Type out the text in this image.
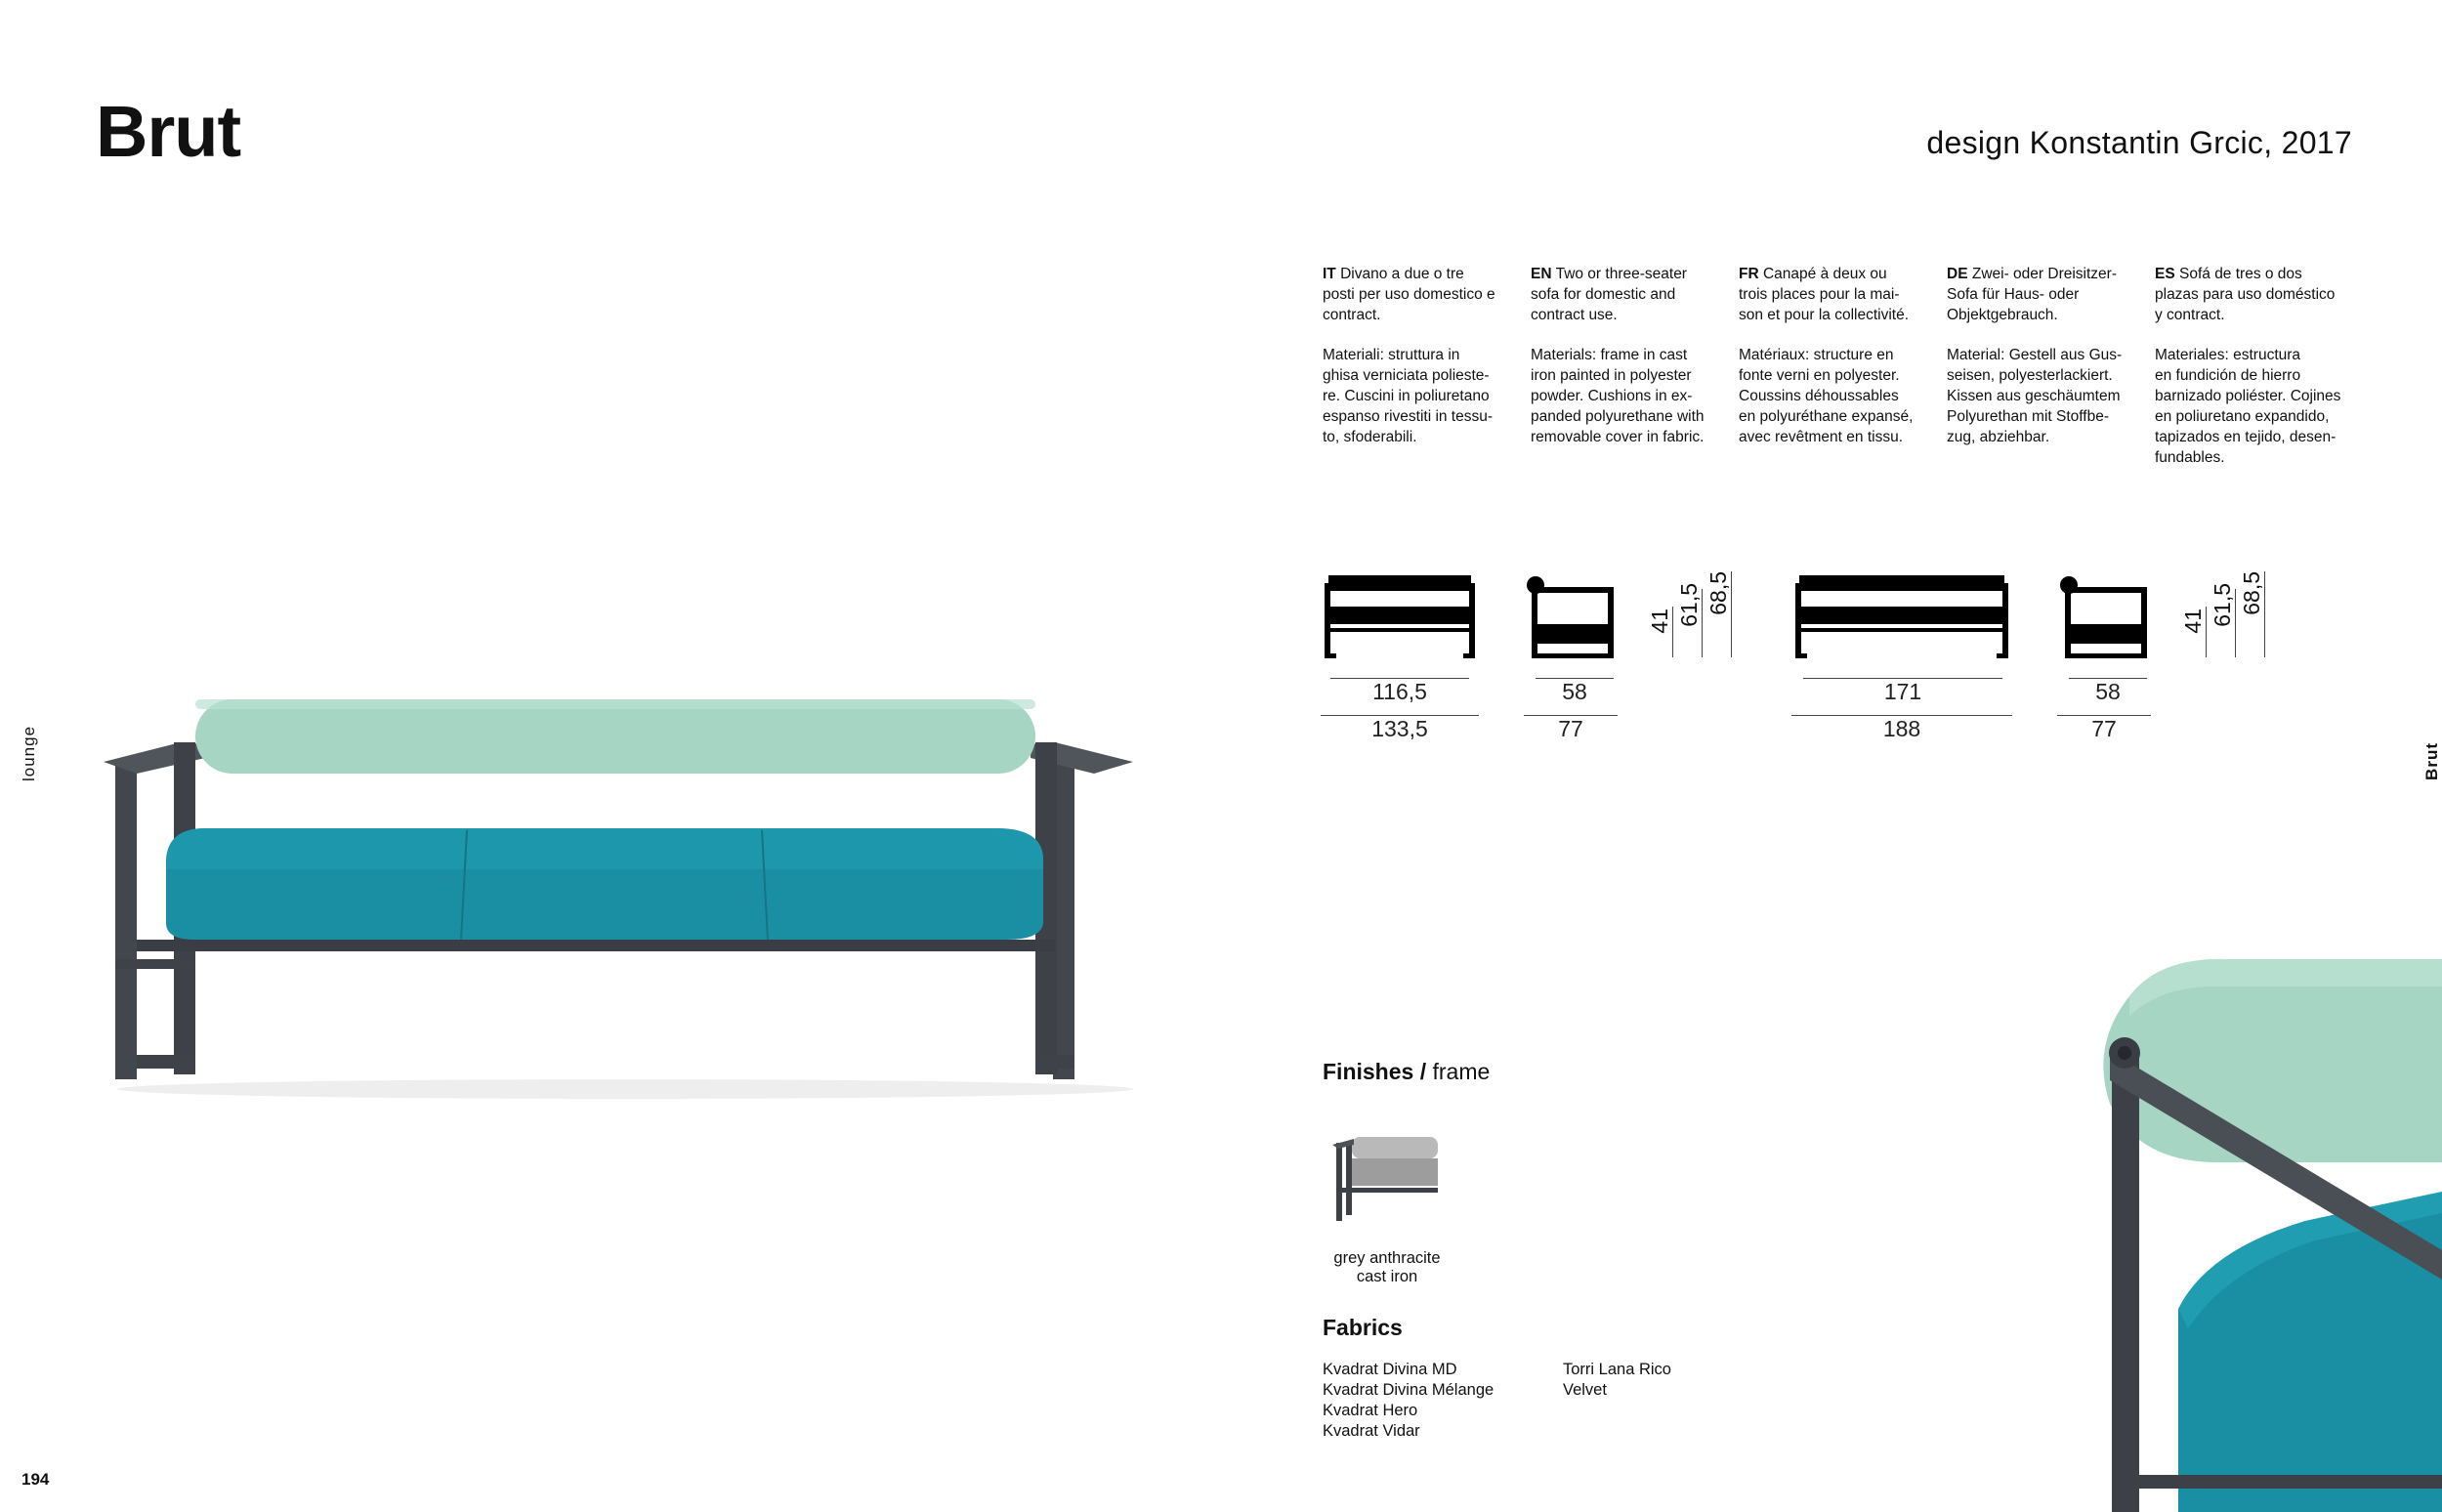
Brut	design Konstantin Grcic, 2017
lounge	Brut
194

IT Divano a due o tre
posti per uso domestico e
contract.

Materiali: struttura in
ghisa verniciata polieste-
re. Cuscini in poliuretano
espanso rivestiti in tessu-
to, sfoderabili.

EN Two or three-seater
sofa for domestic and
contract use.

Materials: frame in cast
iron painted in polyester
powder. Cushions in ex-
panded polyurethane with
removable cover in fabric.

FR Canapé à deux ou
trois places pour la mai-
son et pour la collectivité.

Matériaux: structure en
fonte verni en polyester.
Coussins déhoussables
en polyuréthane expansé,
avec revêtment en tissu.

DE Zwei- oder Dreisitzer-
Sofa für Haus- oder
Objektgebrauch.

Material: Gestell aus Gus-
seisen, polyesterlackiert.
Kissen aus geschäumtem
Polyurethan mit Stoffbe-
zug, abziehbar.

ES Sofá de tres o dos
plazas para uso doméstico
y contract.

Materiales: estructura
en fundición de hierro
barnizado poliéster. Cojines
en poliuretano expandido,
tapizados en tejido, desen-
fundables.

41 61,5 68,5
116,5
133,5
58
77
41 61,5 68,5
171
188
58
77
Finishes / frame
grey anthracite
cast iron
Fabrics
Kvadrat Divina MD
Kvadrat Divina Mélange
Kvadrat Hero
Kvadrat Vidar
Torri Lana Rico
Velvet
